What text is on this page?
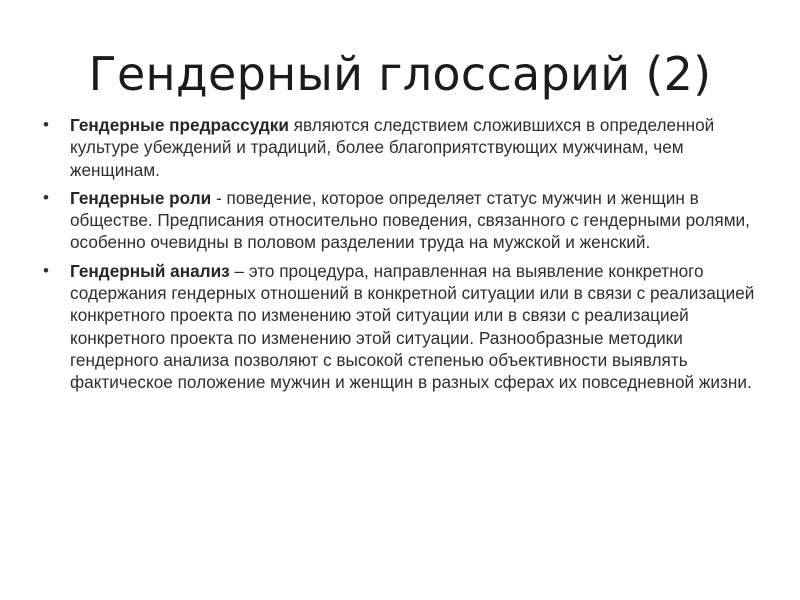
Гендерный глоссарий (2)
• Гендерные предрассудки являются следствием сложившихся в определенной культуре убеждений и традиций, более благоприятствующих мужчинам, чем женщинам.
• Гендерные роли - поведение, которое определяет статус мужчин и женщин в обществе. Предписания относительно поведения, связанного с гендерными ролями, особенно очевидны в половом разделении труда на мужской и женский.
• Гендерный анализ – это процедура, направленная на выявление конкретного содержания гендерных отношений в конкретной ситуации или в связи с реализацией конкретного проекта по изменению этой ситуации или в связи с реализацией конкретного проекта по изменению этой ситуации. Разнообразные методики гендерного анализа позволяют с высокой степенью объективности выявлять фактическое положение мужчин и женщин в разных сферах их повседневной жизни.
